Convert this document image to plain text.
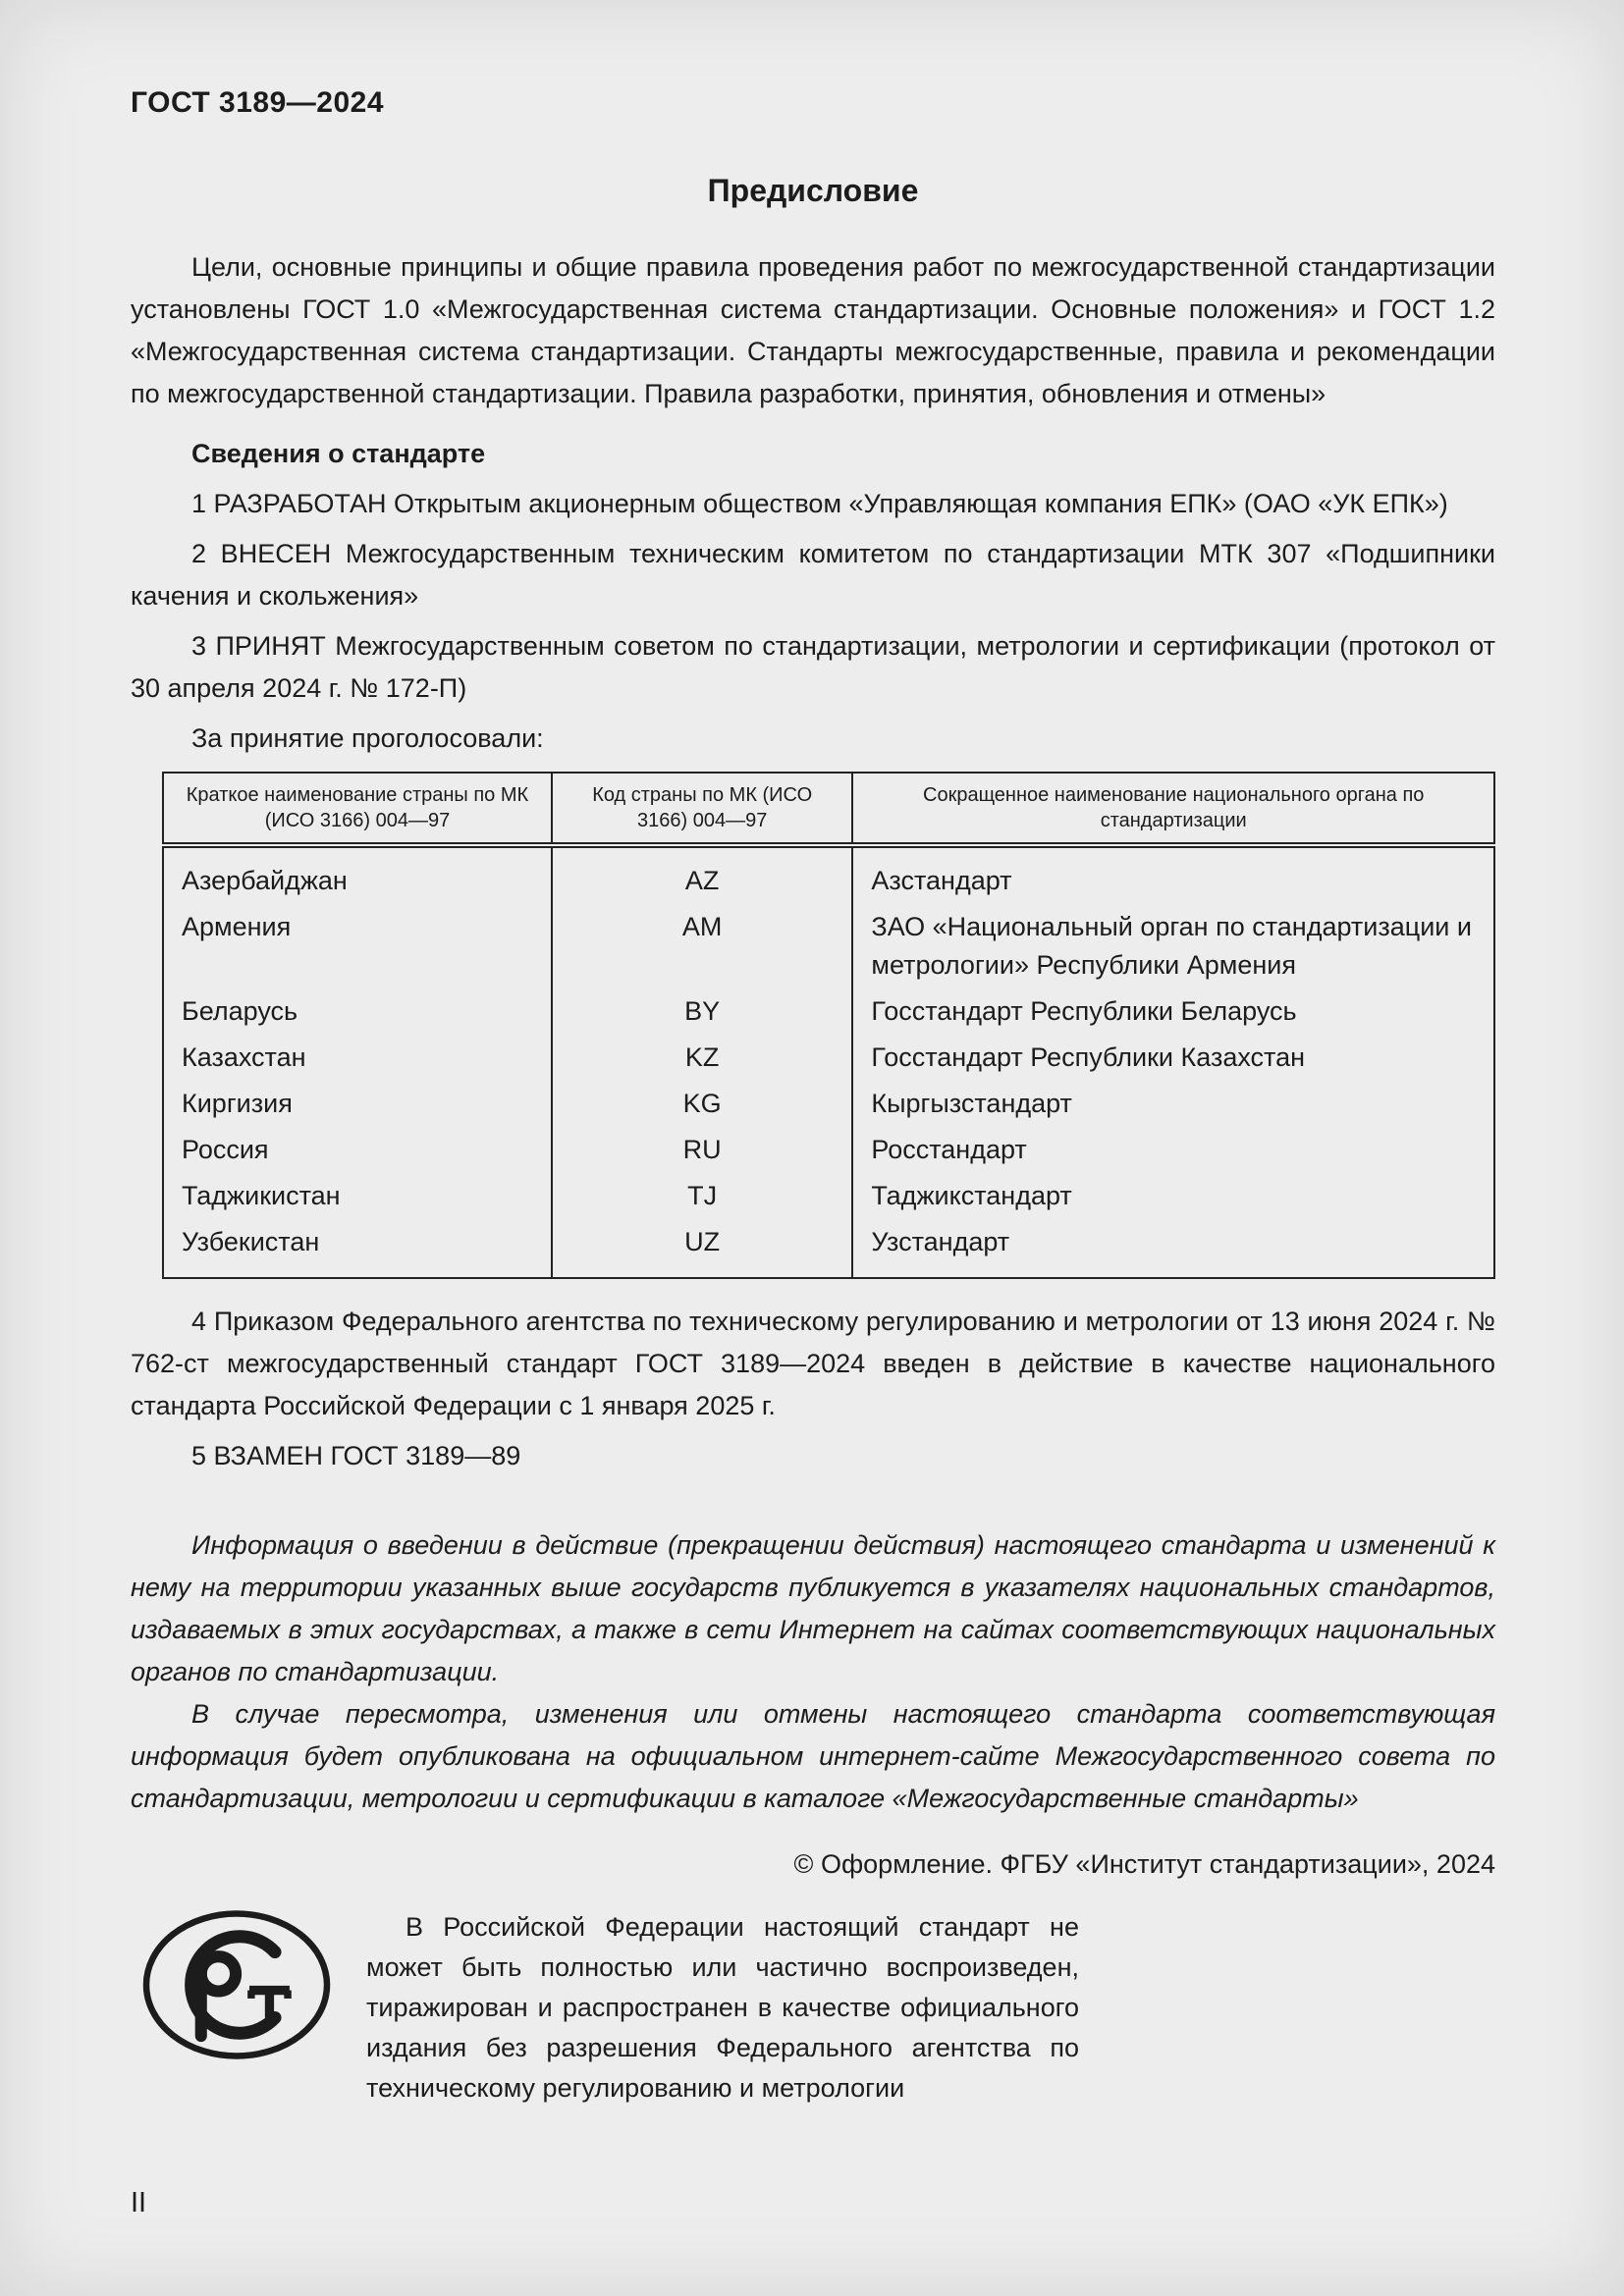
ГОСТ 3189—2024
Предисловие

Цели, основные принципы и общие правила проведения работ по межгосударственной стандартизации установлены ГОСТ 1.0 «Межгосударственная система стандартизации. Основные положения» и ГОСТ 1.2 «Межгосударственная система стандартизации. Стандарты межгосударственные, правила и рекомендации по межгосударственной стандартизации. Правила разработки, принятия, обновления и отмены»

Сведения о стандарте

1 РАЗРАБОТАН Открытым акционерным обществом «Управляющая компания ЕПК» (ОАО «УК ЕПК»)

2 ВНЕСЕН Межгосударственным техническим комитетом по стандартизации МТК 307 «Подшипники качения и скольжения»

3 ПРИНЯТ Межгосударственным советом по стандартизации, метрологии и сертификации (протокол от 30 апреля 2024 г. № 172-П)

За принятие проголосовали:

Краткое наименование страны по МК (ИСО 3166) 004—97	Код страны по МК (ИСО 3166) 004—97	Сокращенное наименование национального органа по стандартизации
Азербайджан	AZ	Азстандарт
Армения	AM	ЗАО «Национальный орган по стандартизации и метрологии» Республики Армения
Беларусь	BY	Госстандарт Республики Беларусь
Казахстан	KZ	Госстандарт Республики Казахстан
Киргизия	KG	Кыргызстандарт
Россия	RU	Росстандарт
Таджикистан	TJ	Таджикстандарт
Узбекистан	UZ	Узстандарт

4 Приказом Федерального агентства по техническому регулированию и метрологии от 13 июня 2024 г. № 762-ст межгосударственный стандарт ГОСТ 3189—2024 введен в действие в качестве национального стандарта Российской Федерации с 1 января 2025 г.

5 ВЗАМЕН ГОСТ 3189—89

Информация о введении в действие (прекращении действия) настоящего стандарта и изменений к нему на территории указанных выше государств публикуется в указателях национальных стандартов, издаваемых в этих государствах, а также в сети Интернет на сайтах соответствующих национальных органов по стандартизации.

В случае пересмотра, изменения или отмены настоящего стандарта соответствующая информация будет опубликована на официальном интернет-сайте Межгосударственного совета по стандартизации, метрологии и сертификации в каталоге «Межгосударственные стандарты»

© Оформление. ФГБУ «Институт стандартизации», 2024
В Российской Федерации настоящий стандарт не может быть полностью или частично воспроизведен, тиражирован и распространен в качестве официального издания без разрешения Федерального агентства по техническому регулированию и метрологии
II
